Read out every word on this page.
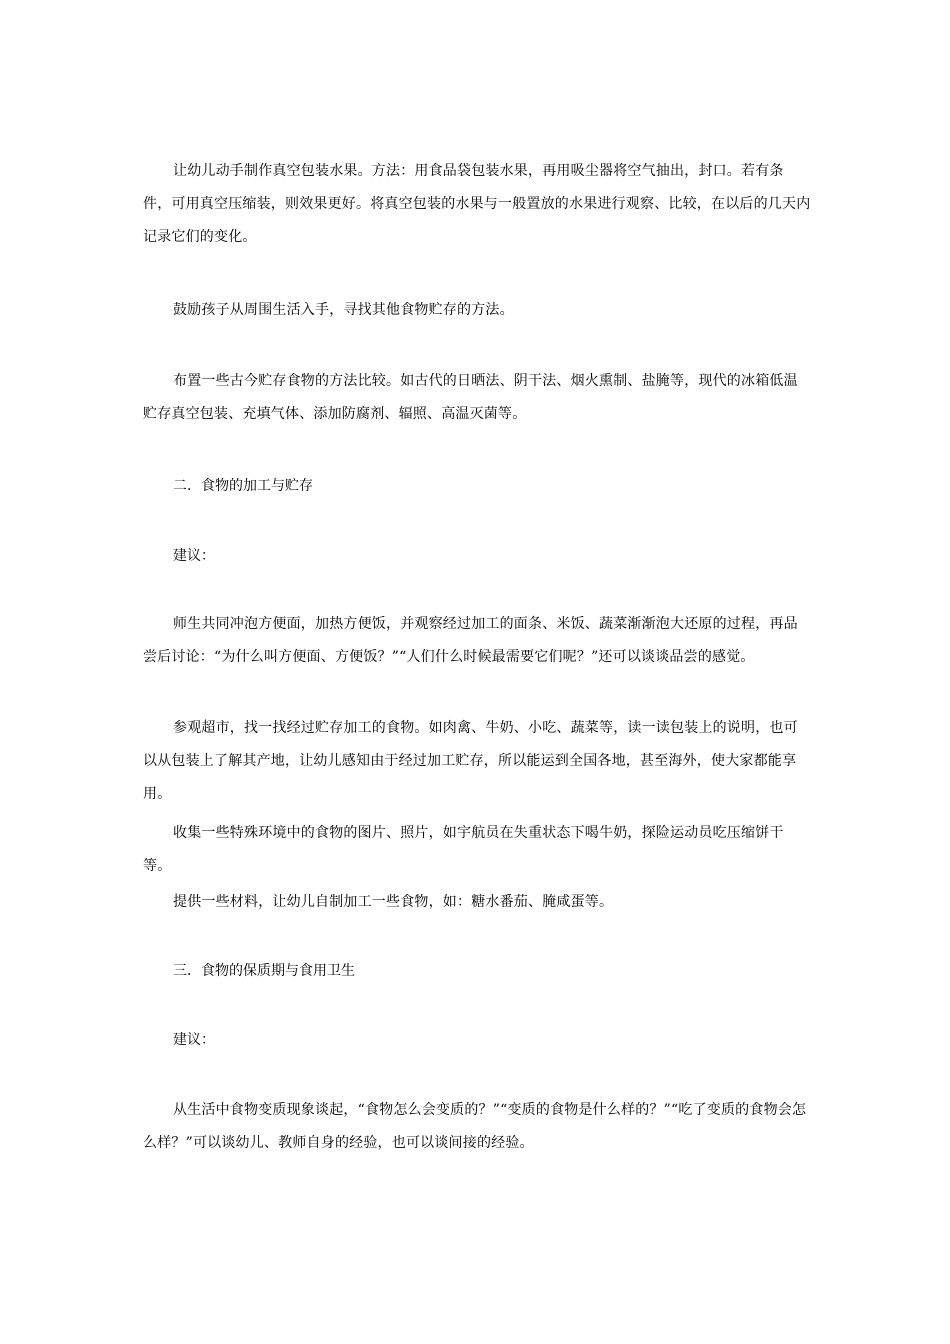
让幼儿动手制作真空包装水果。方法：用食品袋包装水果，再用吸尘器将空气抽出，封口。若有条件，可用真空压缩装，则效果更好。将真空包装的水果与一般置放的水果进行观察、比较，在以后的几天内记录它们的变化。

鼓励孩子从周围生活入手，寻找其他食物贮存的方法。

布置一些古今贮存食物的方法比较。如古代的日晒法、阴干法、烟火熏制、盐腌等，现代的冰箱低温贮存真空包装、充填气体、添加防腐剂、辐照、高温灭菌等。

二．食物的加工与贮存

建议：

师生共同冲泡方便面，加热方便饭，并观察经过加工的面条、米饭、蔬菜渐渐泡大还原的过程，再品尝后讨论：“为什么叫方便面、方便饭？”“人们什么时候最需要它们呢？”还可以谈谈品尝的感觉。

参观超市，找一找经过贮存加工的食物。如肉禽、牛奶、小吃、蔬菜等，读一读包装上的说明，也可以从包装上了解其产地，让幼儿感知由于经过加工贮存，所以能运到全国各地，甚至海外，使大家都能享用。

收集一些特殊环境中的食物的图片、照片，如宇航员在失重状态下喝牛奶，探险运动员吃压缩饼干等。

提供一些材料，让幼儿自制加工一些食物，如：糖水番茄、腌咸蛋等。

三．食物的保质期与食用卫生

建议：

从生活中食物变质现象谈起，“食物怎么会变质的？”“变质的食物是什么样的？”“吃了变质的食物会怎么样？”可以谈幼儿、教师自身的经验，也可以谈间接的经验。
